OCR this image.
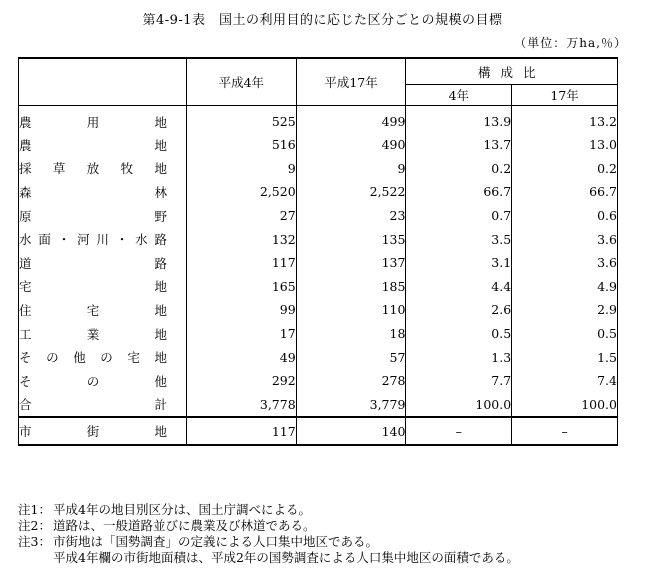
第4-9-1表　国土の利用目的に応じた区分ごとの規模の目標
（単位：万ha,％）
	平成4年	平成17年	構成比	
			4年	17年

農用地	525	499	13.9	13.2

農地	516	490	13.7	13.0

採草放牧地	9	9	0.2	0.2

森林	2,520	2,522	66.7	66.7

原野	27	23	0.7	0.6

水面・河川・水路	132	135	3.5	3.6

道路	117	137	3.1	3.6

宅地	165	185	4.4	4.9

住宅地	99	110	2.6	2.9

工業地	17	18	0.5	0.5

その他の宅地	49	57	1.3	1.5

その他	292	278	7.7	7.4

合計	3,778	3,779	100.0	100.0

市街地	117	140	–	–
注1： 平成4年の地目別区分は、国土庁調べによる。
注2： 道路は、一般道路並びに農業及び林道である。
注3： 市街地は「国勢調査」の定義による人口集中地区である。
平成4年欄の市街地面積は、平成2年の国勢調査による人口集中地区の面積である。
